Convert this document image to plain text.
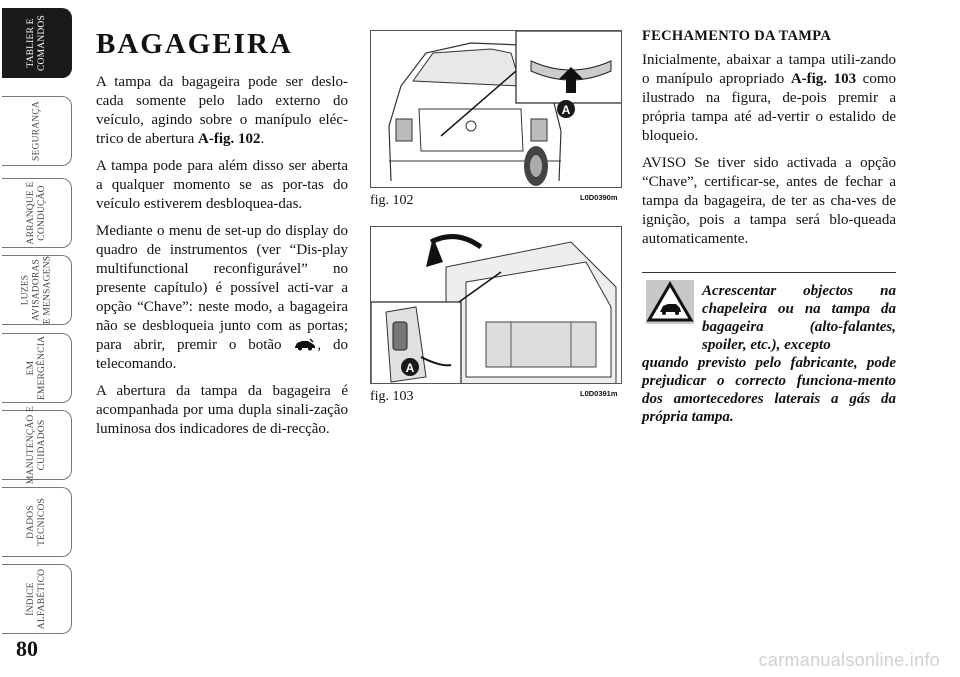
TABLIER E
COMANDOS
SEGURANÇA
ARRANQUE E
CONDUÇÃO
LUZES
AVISADORAS
E MENSAGENS
EM
EMERGÊNCIA
MANUTENÇÃO E
CUIDADOS
DADOS
TÉCNICOS
ÍNDICE
ALFABÉTICO
80	carmanualsonline.info
BAGAGEIRA

A tampa da bagageira pode ser deslo-cada somente pelo lado externo do veículo, agindo sobre o manípulo eléc-trico de abertura A-fig. 102.

A tampa pode para além disso ser aberta a qualquer momento se as por-tas do veículo estiverem desbloquea-das.

Mediante o menu de set-up do display do quadro de instrumentos (ver “Dis-play multifunctional reconfigurável” no presente capítulo) é possível acti-var a opção “Chave”: neste modo, a bagageira não se desbloqueia junto com as portas; para abrir, premir o botão , do telecomando.

A abertura da tampa da bagageira é acompanhada por uma dupla sinali-zação luminosa dos indicadores de di-recção.

A
fig. 102	L0D0390m
A
fig. 103	L0D0391m
FECHAMENTO DA TAMPA

Inicialmente, abaixar a tampa utili-zando o manípulo apropriado A-fig. 103 como ilustrado na figura, de-pois premir a própria tampa até ad-vertir o estalido de bloqueio.

AVISO Se tiver sido activada a opção “Chave”, certificar-se, antes de fechar a tampa da bagageira, de ter as cha-ves de ignição, pois a tampa será blo-queada automaticamente.

Acrescentar objectos na chapeleira ou na tampa da bagageira (alto-falantes, spoiler, etc.), excepto
quando previsto pelo fabricante, pode prejudicar o correcto funciona-mento dos amortecedores laterais a gás da própria tampa.
